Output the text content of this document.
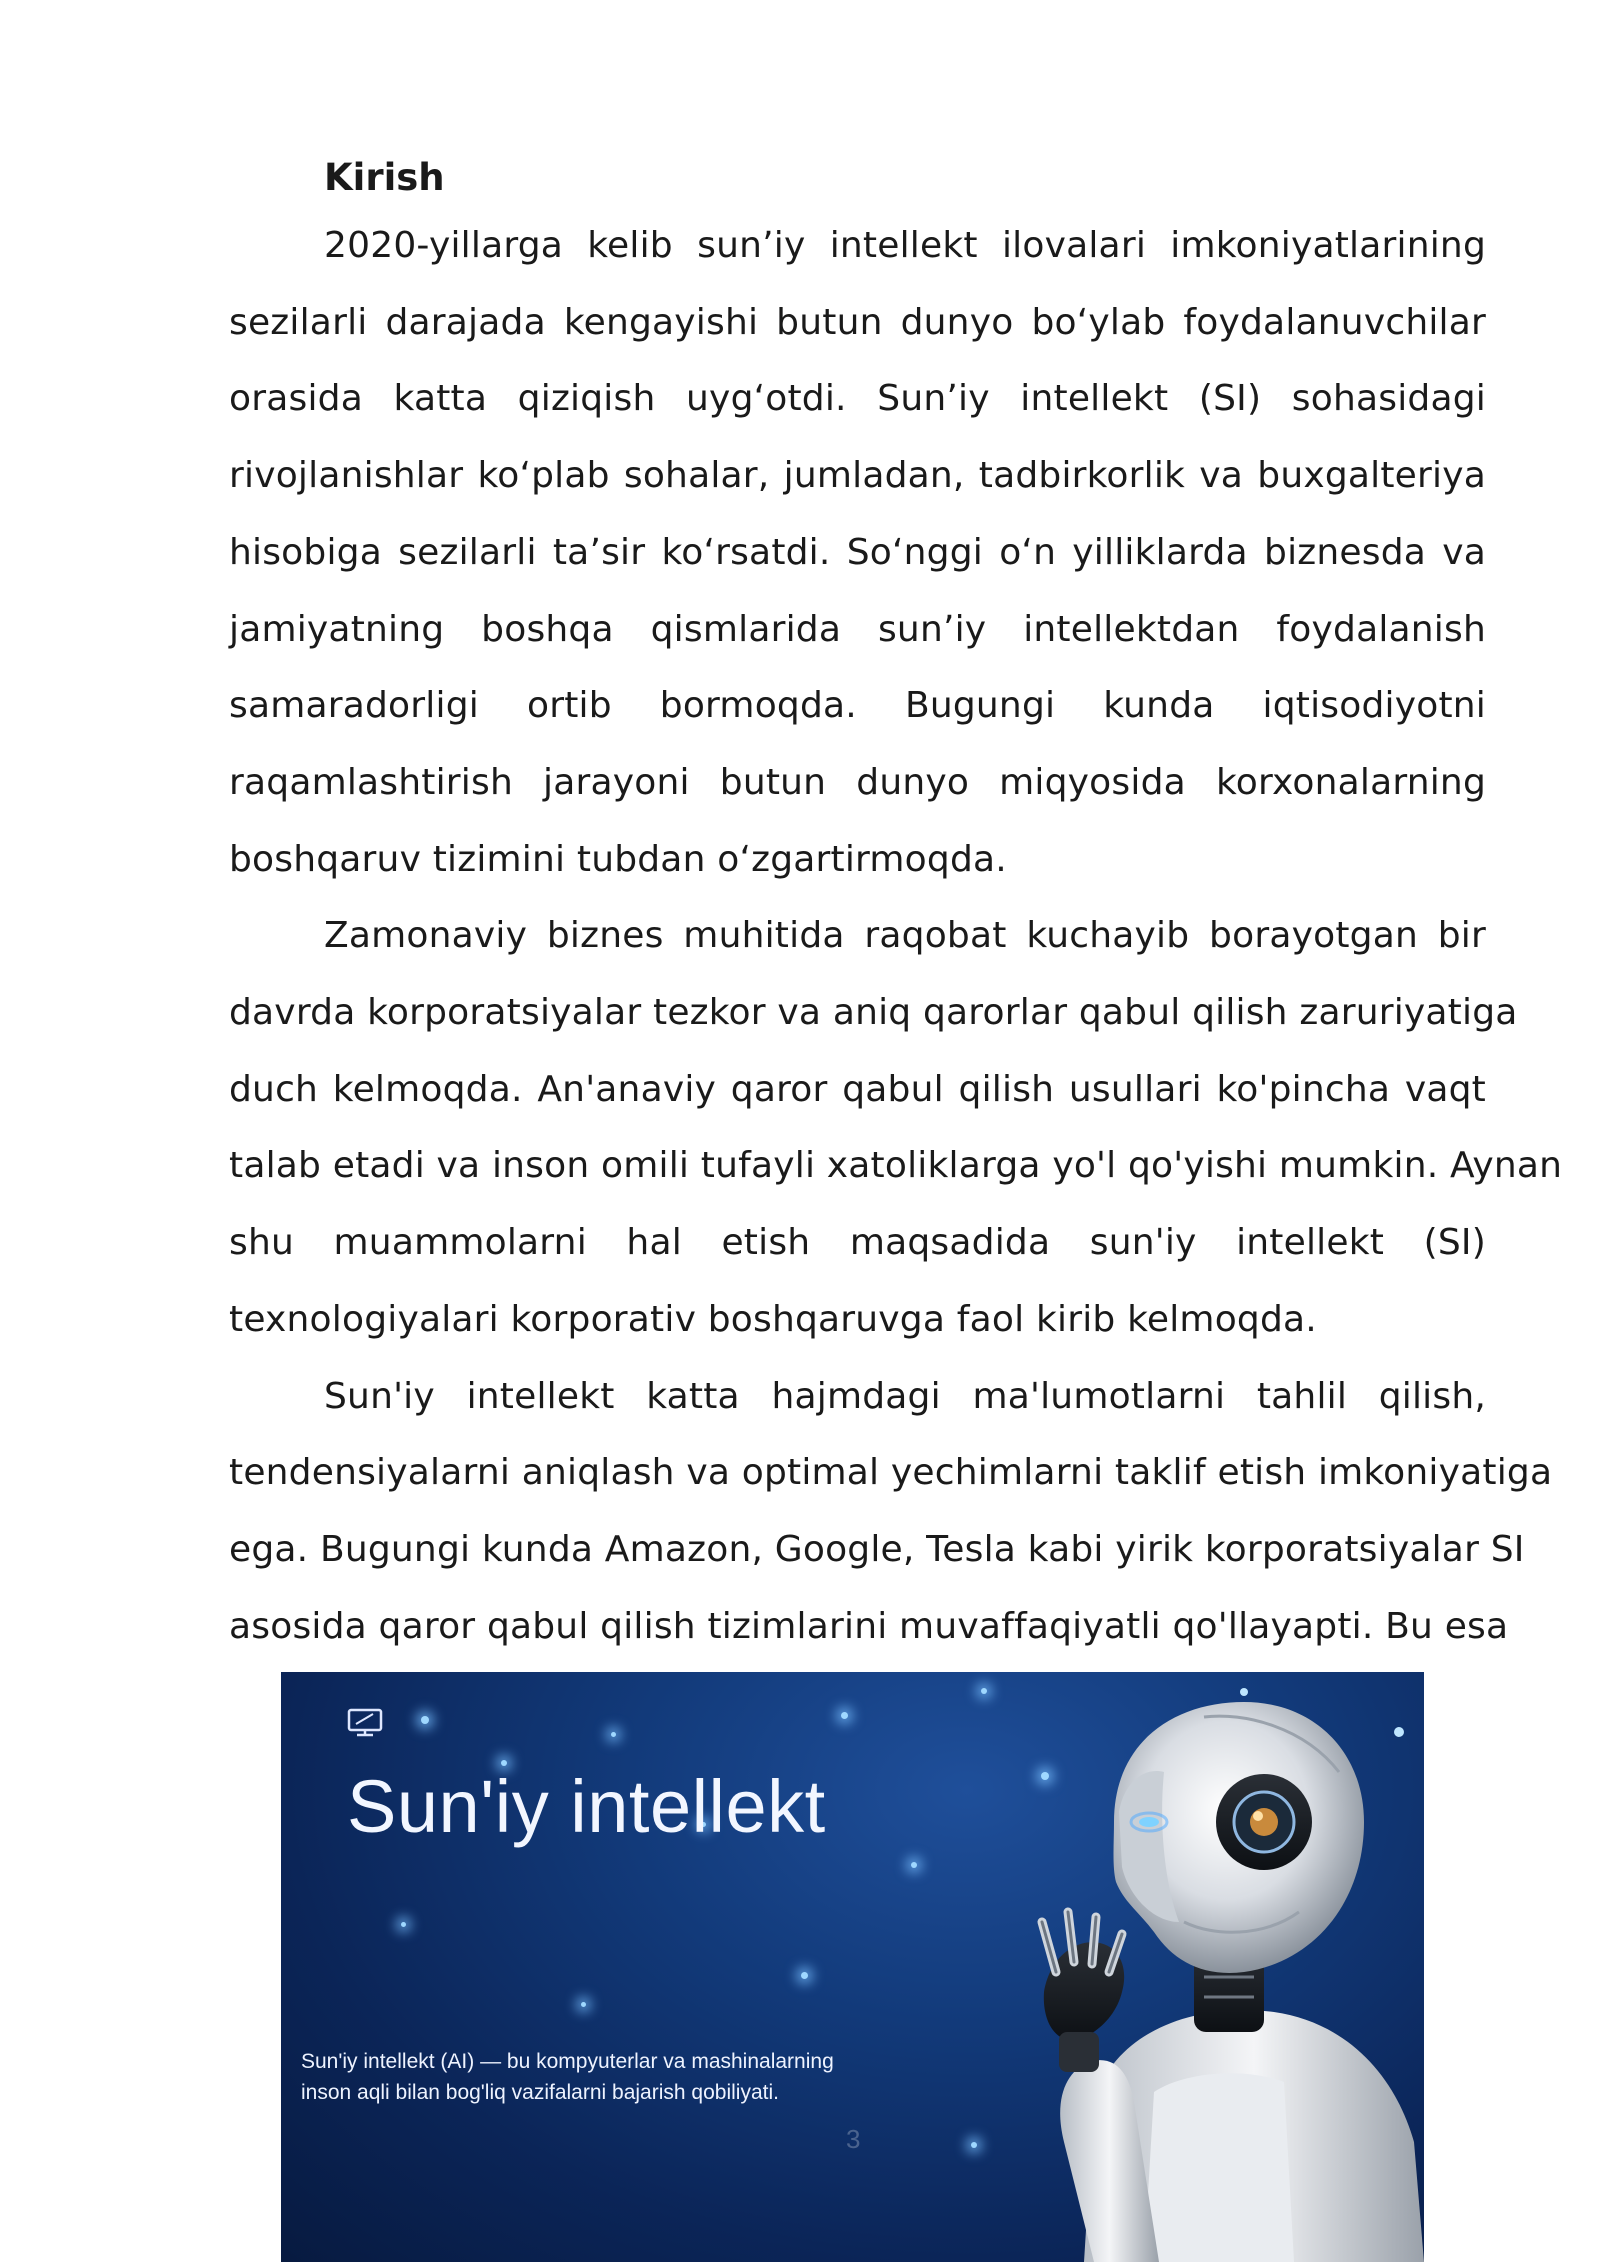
Kirish

2020-yillarga kelib sun’iy intellekt ilovalari imkoniyatlarining
sezilarli darajada kengayishi butun dunyo bo‘ylab foydalanuvchilar
orasida katta qiziqish uyg‘otdi. Sun’iy intellekt (SI) sohasidagi
rivojlanishlar ko‘plab sohalar, jumladan, tadbirkorlik va buxgalteriya
hisobiga sezilarli ta’sir ko‘rsatdi. So‘nggi o‘n yilliklarda biznesda va
jamiyatning boshqa qismlarida sun’iy intellektdan foydalanish
samaradorligi ortib bormoqda. Bugungi kunda iqtisodiyotni
raqamlashtirish jarayoni butun dunyo miqyosida korxonalarning
boshqaruv tizimini tubdan o‘zgartirmoqda.

Zamonaviy biznes muhitida raqobat kuchayib borayotgan bir
davrda korporatsiyalar tezkor va aniq qarorlar qabul qilish zaruriyatiga
duch kelmoqda. An'anaviy qaror qabul qilish usullari ko'pincha vaqt
talab etadi va inson omili tufayli xatoliklarga yo'l qo'yishi mumkin. Aynan
shu muammolarni hal etish maqsadida sun'iy intellekt (SI)
texnologiyalari korporativ boshqaruvga faol kirib kelmoqda.

Sun'iy intellekt katta hajmdagi ma'lumotlarni tahlil qilish,
tendensiyalarni aniqlash va optimal yechimlarni taklif etish imkoniyatiga
ega. Bugungi kunda Amazon, Google, Tesla kabi yirik korporatsiyalar SI
asosida qaror qabul qilish tizimlarini muvaffaqiyatli qo'llayapti. Bu esa

Sun'iy intellekt
Sun'iy intellekt (AI) — bu kompyuterlar va mashinalarning
inson aqli bilan bog'liq vazifalarni bajarish qobiliyati.
3
